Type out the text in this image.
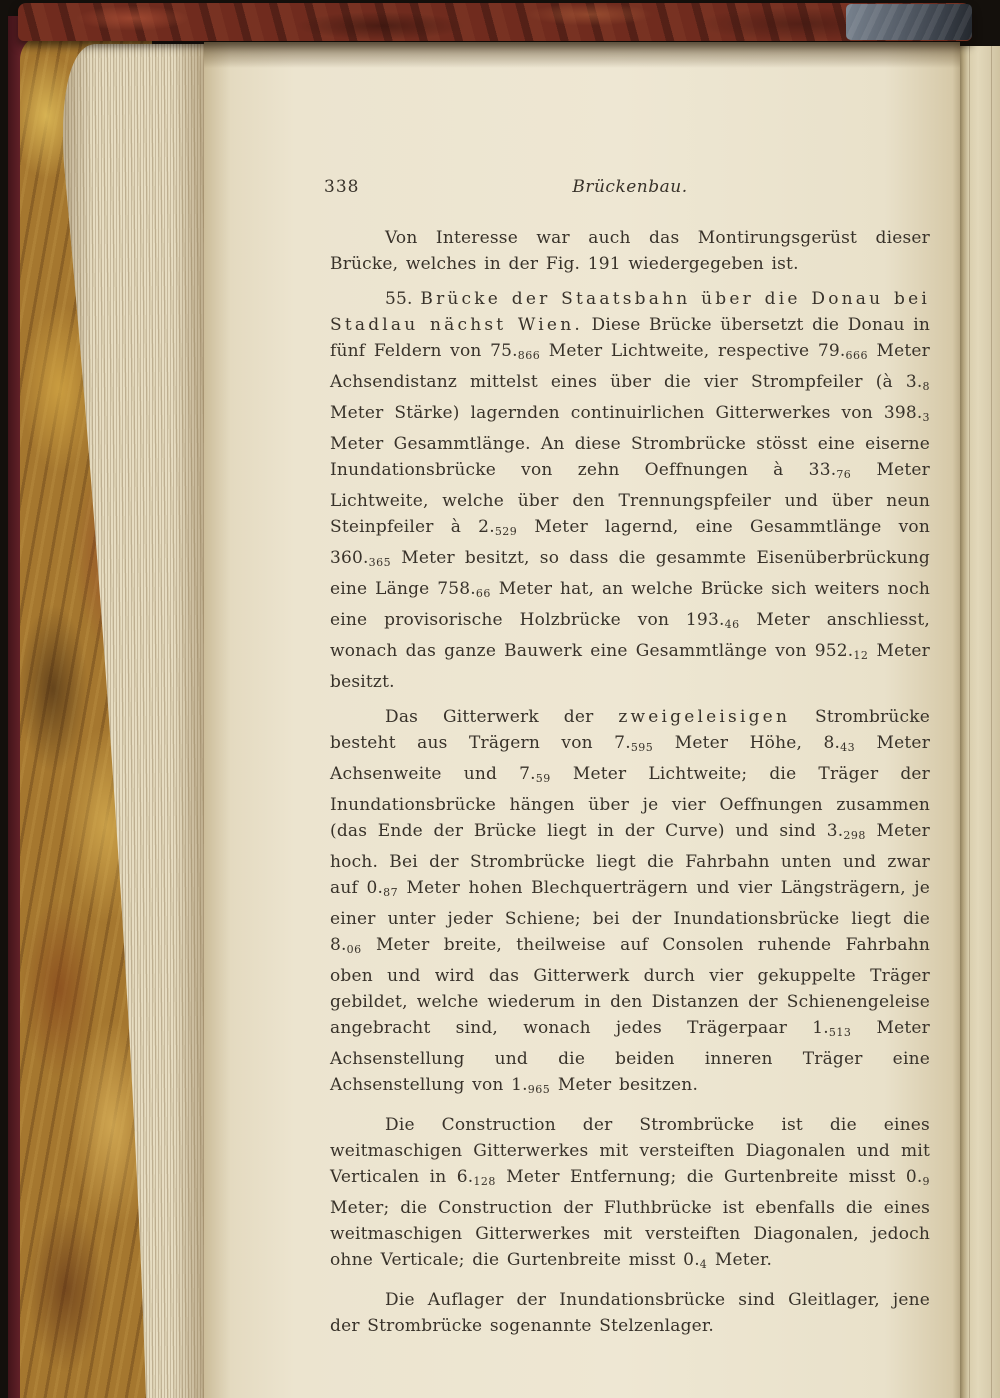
338	Brückenbau.

Von Interesse war auch das Montirungsgerüst dieser Brücke, welches in der Fig. 191 wiedergegeben ist.

55. Brücke der Staatsbahn über die Donau bei Stadlau nächst Wien. Diese Brücke übersetzt die Donau in fünf Feldern von 75.866 Meter Lichtweite, respective 79.666 Meter Achsendistanz mittelst eines über die vier Strompfeiler (à 3.8 Meter Stärke) lagernden continuirlichen Gitterwerkes von 398.3 Meter Gesammtlänge. An diese Strombrücke stösst eine eiserne Inundationsbrücke von zehn Oeffnungen à 33.76 Meter Lichtweite, welche über den Trennungspfeiler und über neun Steinpfeiler à 2.529 Meter lagernd, eine Gesammtlänge von 360.365 Meter besitzt, so dass die gesammte Eisenüberbrückung eine Länge 758.66 Meter hat, an welche Brücke sich weiters noch eine provisorische Holzbrücke von 193.46 Meter anschliesst, wonach das ganze Bauwerk eine Gesammtlänge von 952.12 Meter besitzt.

Das Gitterwerk der zweigeleisigen Strombrücke besteht aus Trägern von 7.595 Meter Höhe, 8.43 Meter Achsenweite und 7.59 Meter Lichtweite; die Träger der Inundationsbrücke hängen über je vier Oeffnungen zusammen (das Ende der Brücke liegt in der Curve) und sind 3.298 Meter hoch. Bei der Strombrücke liegt die Fahrbahn unten und zwar auf 0.87 Meter hohen Blechquerträgern und vier Längsträgern, je einer unter jeder Schiene; bei der Inundationsbrücke liegt die 8.06 Meter breite, theilweise auf Consolen ruhende Fahrbahn oben und wird das Gitterwerk durch vier gekuppelte Träger gebildet, welche wiederum in den Distanzen der Schienengeleise angebracht sind, wonach jedes Trägerpaar 1.513 Meter Achsenstellung und die beiden inneren Träger eine Achsenstellung von 1.965 Meter besitzen.

Die Construction der Strombrücke ist die eines weitmaschigen Gitterwerkes mit versteiften Diagonalen und mit Verticalen in 6.128 Meter Entfernung; die Gurtenbreite misst 0.9 Meter; die Construction der Fluthbrücke ist ebenfalls die eines weitmaschigen Gitterwerkes mit versteiften Diagonalen, jedoch ohne Verticale; die Gurtenbreite misst 0.4 Meter.

Die Auflager der Inundationsbrücke sind Gleitlager, jene der Strombrücke sogenannte Stelzenlager.
